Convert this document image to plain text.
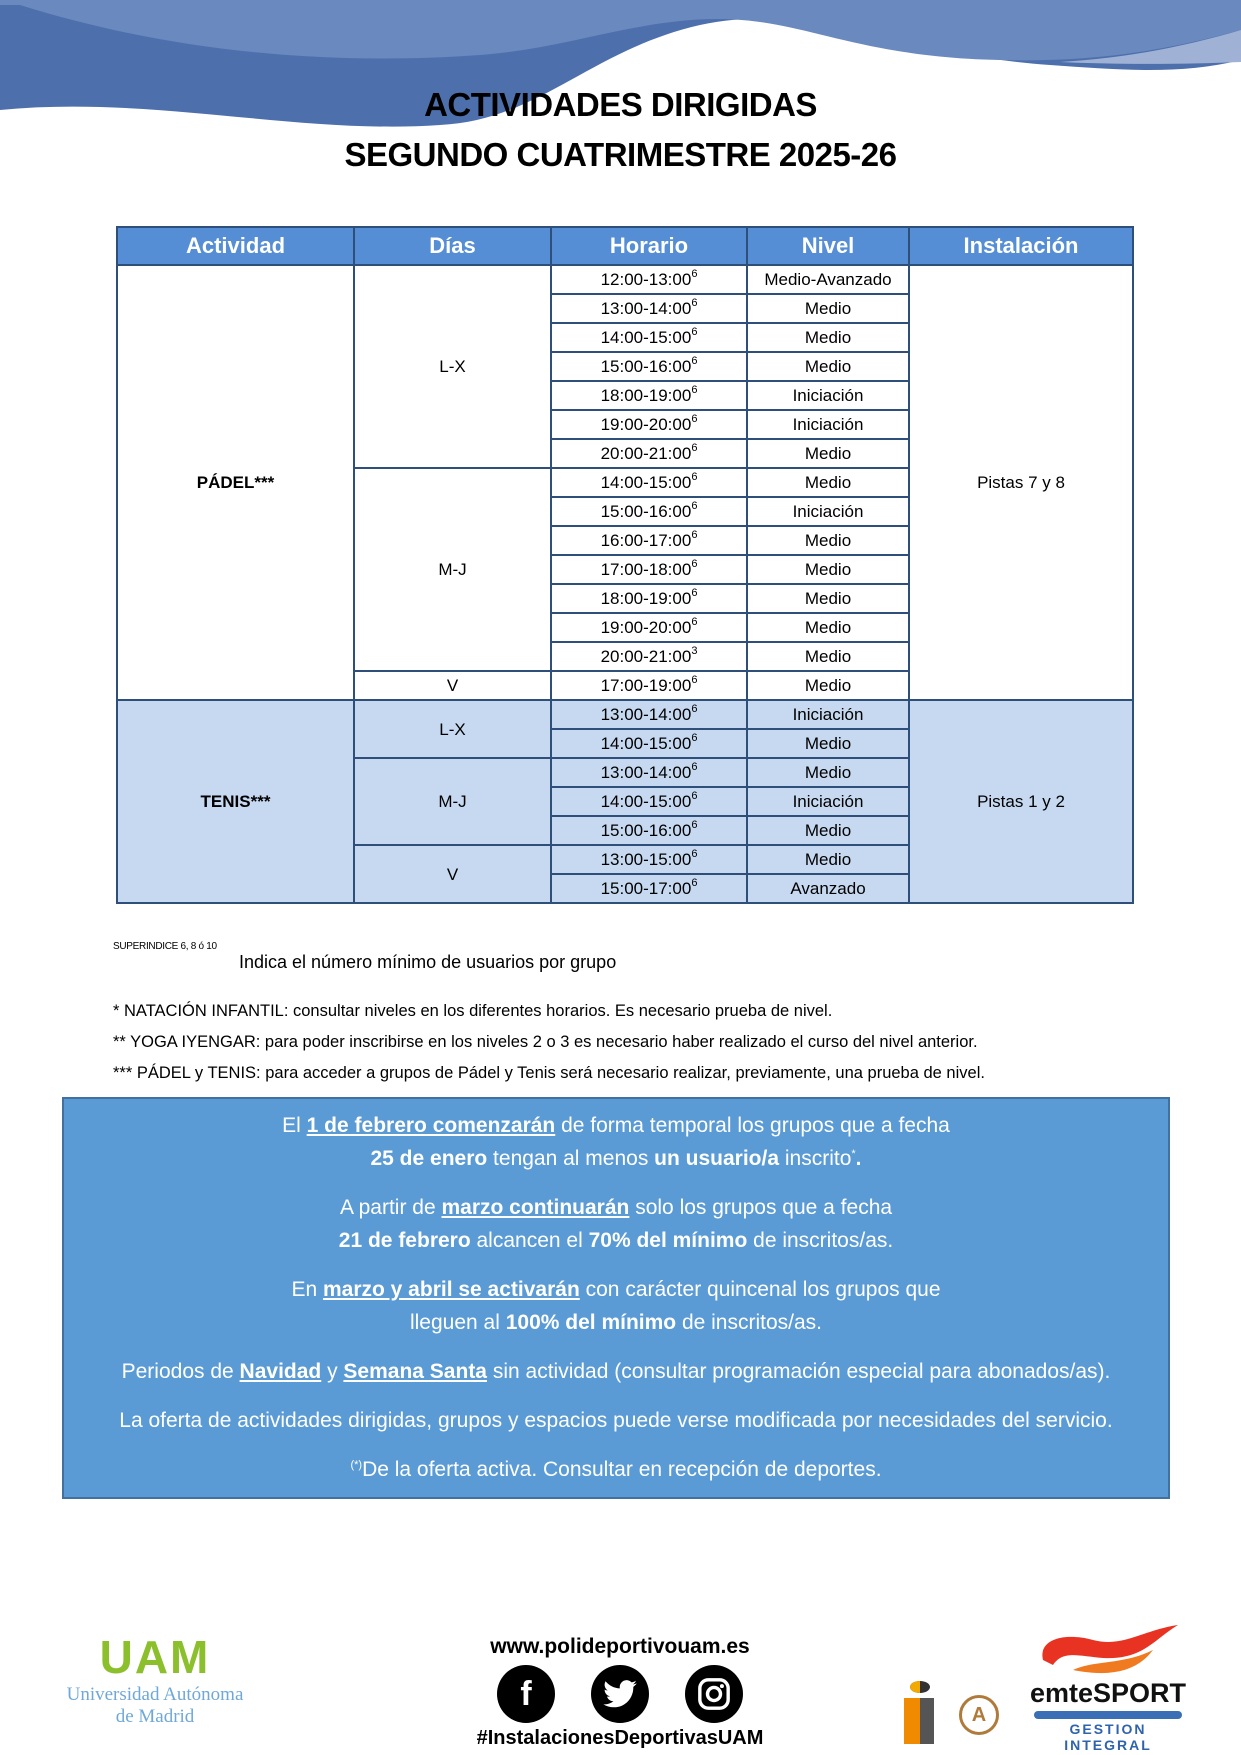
ACTIVIDADES DIRIGIDAS
SEGUNDO CUATRIMESTRE 2025-26
Actividad	Días	Horario	Nivel	Instalación
PÁDEL***	L-X	$12:00-13:00^6$	Medio-Avanzado	Pistas 7 y 8
		$13:00-14:00^6$	Medio	
		$14:00-15:00^6$	Medio	
		$15:00-16:00^6$	Medio	
		$18:00-19:00^6$	Iniciación	
		$19:00-20:00^6$	Iniciación	
		$20:00-21:00^6$	Medio	
	M-J	$14:00-15:00^6$	Medio	
		$15:00-16:00^6$	Iniciación	
		$16:00-17:00^6$	Medio	
		$17:00-18:00^6$	Medio	
		$18:00-19:00^6$	Medio	
		$19:00-20:00^6$	Medio	
		$20:00-21:00^3$	Medio	
	V	$17:00-19:00^6$	Medio	
TENIS***	L-X	$13:00-14:00^6$	Iniciación	Pistas 1 y 2
		$14:00-15:00^6$	Medio	
	M-J	$13:00-14:00^6$	Medio	
		$14:00-15:00^6$	Iniciación	
		$15:00-16:00^6$	Medio	
	V	$13:00-15:00^6$	Medio	
		$15:00-17:00^6$	Avanzado	
SUPERINDICE 6, 8 ó 10
Indica el número mínimo de usuarios por grupo
* NATACIÓN INFANTIL: consultar niveles en los diferentes horarios. Es necesario prueba de nivel.
** YOGA IYENGAR: para poder inscribirse en los niveles 2 o 3 es necesario haber realizado el curso del nivel anterior.
*** PÁDEL y TENIS: para acceder a grupos de Pádel y Tenis será necesario realizar, previamente, una prueba de nivel.

El 1 de febrero comenzarán de forma temporal los grupos que a fecha

25 de enero tengan al menos un usuario/a inscrito*.

A partir de marzo continuarán solo los grupos que a fecha

21 de febrero alcancen el 70% del mínimo de inscritos/as.

En marzo y abril se activarán con carácter quincenal los grupos que

lleguen al 100% del mínimo de inscritos/as.

Periodos de Navidad y Semana Santa sin actividad (consultar programación especial para abonados/as).

La oferta de actividades dirigidas, grupos y espacios puede verse modificada por necesidades del servicio.

(*)De la oferta activa. Consultar en recepción de deportes.

UAM
Universidad Autónoma
de Madrid
www.polideportivouam.es
f
#InstalacionesDeportivasUAM
A
emteSPORT
GESTION INTEGRAL
